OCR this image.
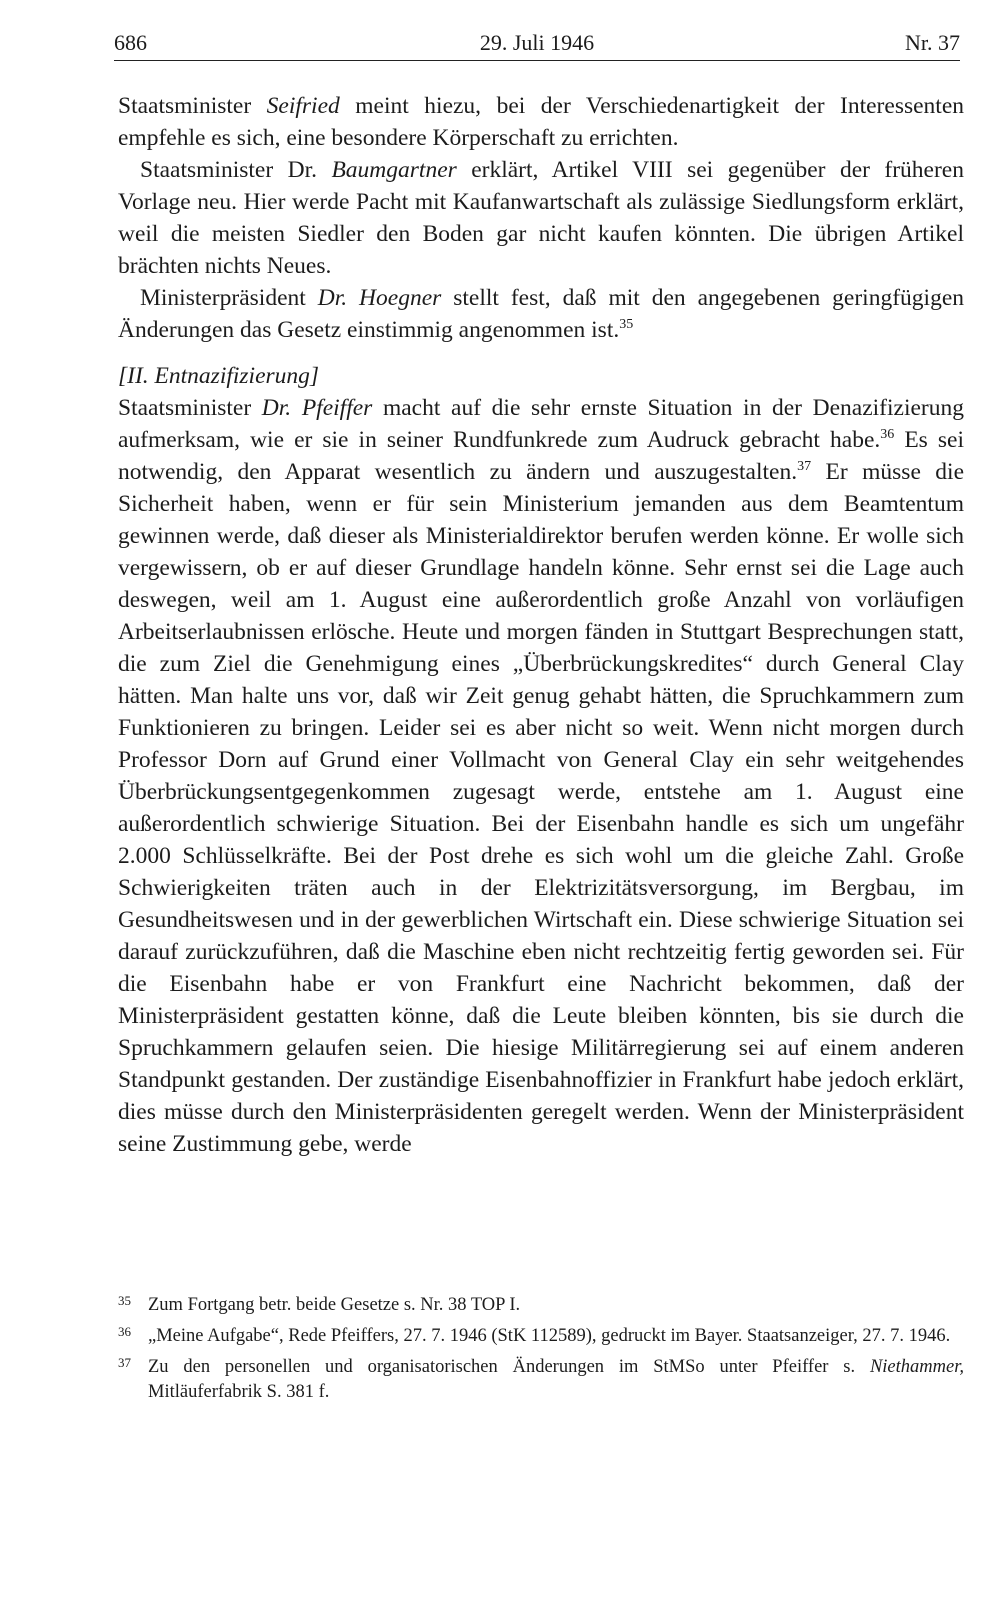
686	29. Juli 1946	Nr. 37

Staatsminister Seifried meint hiezu, bei der Verschiedenartigkeit der Interessenten empfehle es sich, eine besondere Körperschaft zu errichten.

Staatsminister Dr. Baumgartner erklärt, Artikel VIII sei gegenüber der früheren Vorlage neu. Hier werde Pacht mit Kaufanwartschaft als zulässige Siedlungsform erklärt, weil die meisten Siedler den Boden gar nicht kaufen könnten. Die übrigen Artikel brächten nichts Neues.

Ministerpräsident Dr. Hoegner stellt fest, daß mit den angegebenen geringfügigen Änderungen das Gesetz einstimmig angenommen ist.$^{35}$

[II. Entnazifizierung]

Staatsminister Dr. Pfeiffer macht auf die sehr ernste Situation in der Denazifizierung aufmerksam, wie er sie in seiner Rundfunkrede zum Audruck gebracht habe.$^{36}$ Es sei notwendig, den Apparat wesentlich zu ändern und auszugestalten.$^{37}$ Er müsse die Sicherheit haben, wenn er für sein Ministerium jemanden aus dem Beamtentum gewinnen werde, daß dieser als Ministerialdirektor berufen werden könne. Er wolle sich vergewissern, ob er auf dieser Grundlage handeln könne. Sehr ernst sei die Lage auch deswegen, weil am 1. August eine außerordentlich große Anzahl von vorläufigen Arbeitserlaubnissen erlösche. Heute und morgen fänden in Stuttgart Besprechungen statt, die zum Ziel die Genehmigung eines „Überbrückungskredites“ durch General Clay hätten. Man halte uns vor, daß wir Zeit genug gehabt hätten, die Spruchkammern zum Funktionieren zu bringen. Leider sei es aber nicht so weit. Wenn nicht morgen durch Professor Dorn auf Grund einer Vollmacht von General Clay ein sehr weitgehendes Überbrückungsentgegenkommen zugesagt werde, entstehe am 1. August eine außerordentlich schwierige Situation. Bei der Eisenbahn handle es sich um ungefähr 2.000 Schlüsselkräfte. Bei der Post drehe es sich wohl um die gleiche Zahl. Große Schwierigkeiten träten auch in der Elektrizitätsversorgung, im Bergbau, im Gesundheitswesen und in der gewerblichen Wirtschaft ein. Diese schwierige Situation sei darauf zurückzuführen, daß die Maschine eben nicht rechtzeitig fertig geworden sei. Für die Eisenbahn habe er von Frankfurt eine Nachricht bekommen, daß der Ministerpräsident gestatten könne, daß die Leute bleiben könnten, bis sie durch die Spruchkammern gelaufen seien. Die hiesige Militärregierung sei auf einem anderen Standpunkt gestanden. Der zuständige Eisenbahnoffizier in Frankfurt habe jedoch erklärt, dies müsse durch den Ministerpräsidenten geregelt werden. Wenn der Ministerpräsident seine Zustimmung gebe, werde

35 Zum Fortgang betr. beide Gesetze s. Nr. 38 TOP I.

36 „Meine Aufgabe“, Rede Pfeiffers, 27. 7. 1946 (StK 112589), gedruckt im Bayer. Staatsanzeiger, 27. 7. 1946.

37 Zu den personellen und organisatorischen Änderungen im StMSo unter Pfeiffer s. Niethammer, Mitläuferfabrik S. 381 f.
